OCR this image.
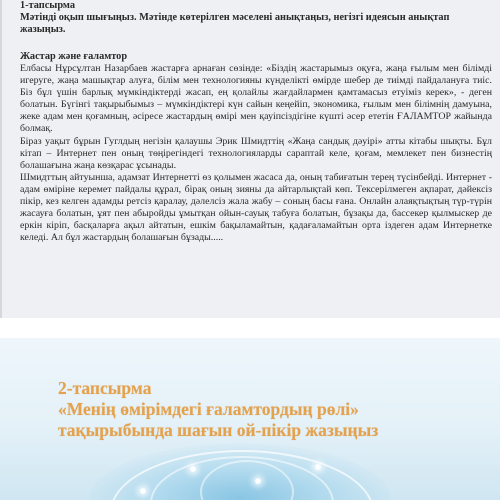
1-тапсырма

Мәтінді оқып шығыңыз. Мәтінде көтерілген мәселені анықтаңыз, негізгі идеясын анықтап жазыңыз.

Жастар және ғаламтор

Елбасы Нұрсұлтан Назарбаев жастарға арнаған сөзінде: «Біздің жастарымыз оқуға, жаңа ғылым мен білімді игеруге, жаңа машықтар алуға, білім мен технологияны күнделікті өмірде шебер де тиімді пайдалануға тиіс. Біз бұл үшін барлық мүмкіндіктерді жасап, ең қолайлы жағдайлармен қамтамасыз етуіміз керек», - деген болатын. Бүгінгі тақырыбымыз – мүмкіндіктері күн сайын кеңейіп, экономика, ғылым мен білімнің дамуына, жеке адам мен қоғамның, әсіресе жастардың өмірі мен қауіпсіздігіне күшті әсер ететін ҒАЛАМТОР жайында болмақ.

Біраз уақыт бұрын Гуглдың негізін қалаушы Эрик Шмидттің «Жаңа сандық дәуірі» атты кітабы шықты. Бұл кітап – Интернет пен оның төңірегіндегі технологияларды сараптай келе, қоғам, мемлекет пен бизнестің болашағына жаңа көзқарас ұсынады.

Шмидттың айтуынша, адамзат Интернетті өз қолымен жасаса да, оның табиғатын терең түсінбейді. Интернет - адам өміріне керемет пайдалы құрал, бірақ оның зияны да айтарлықтай көп. Тексерілмеген ақпарат, дәйексіз пікір, кез келген адамды ретсіз қаралау, дәлелсіз жала жабу – соның басы ғана. Онлайн алаяқтықтың түр-түрін жасауға болатын, ұят пен абыройды ұмытқан ойын-сауық табуға болатын, бұзақы да, бассекер қылмыскер де еркін кіріп, басқаларға ақыл айтатын, ешкім бақыламайтын, қадағаламайтын орта іздеген адам Интернетке келеді. Ал бұл жастардың болашағын бұзады.....

2-тапсырма
«Менің өмірімдегі ғаламтордың рөлі»
тақырыбында шағын ой-пікір жазыңыз
